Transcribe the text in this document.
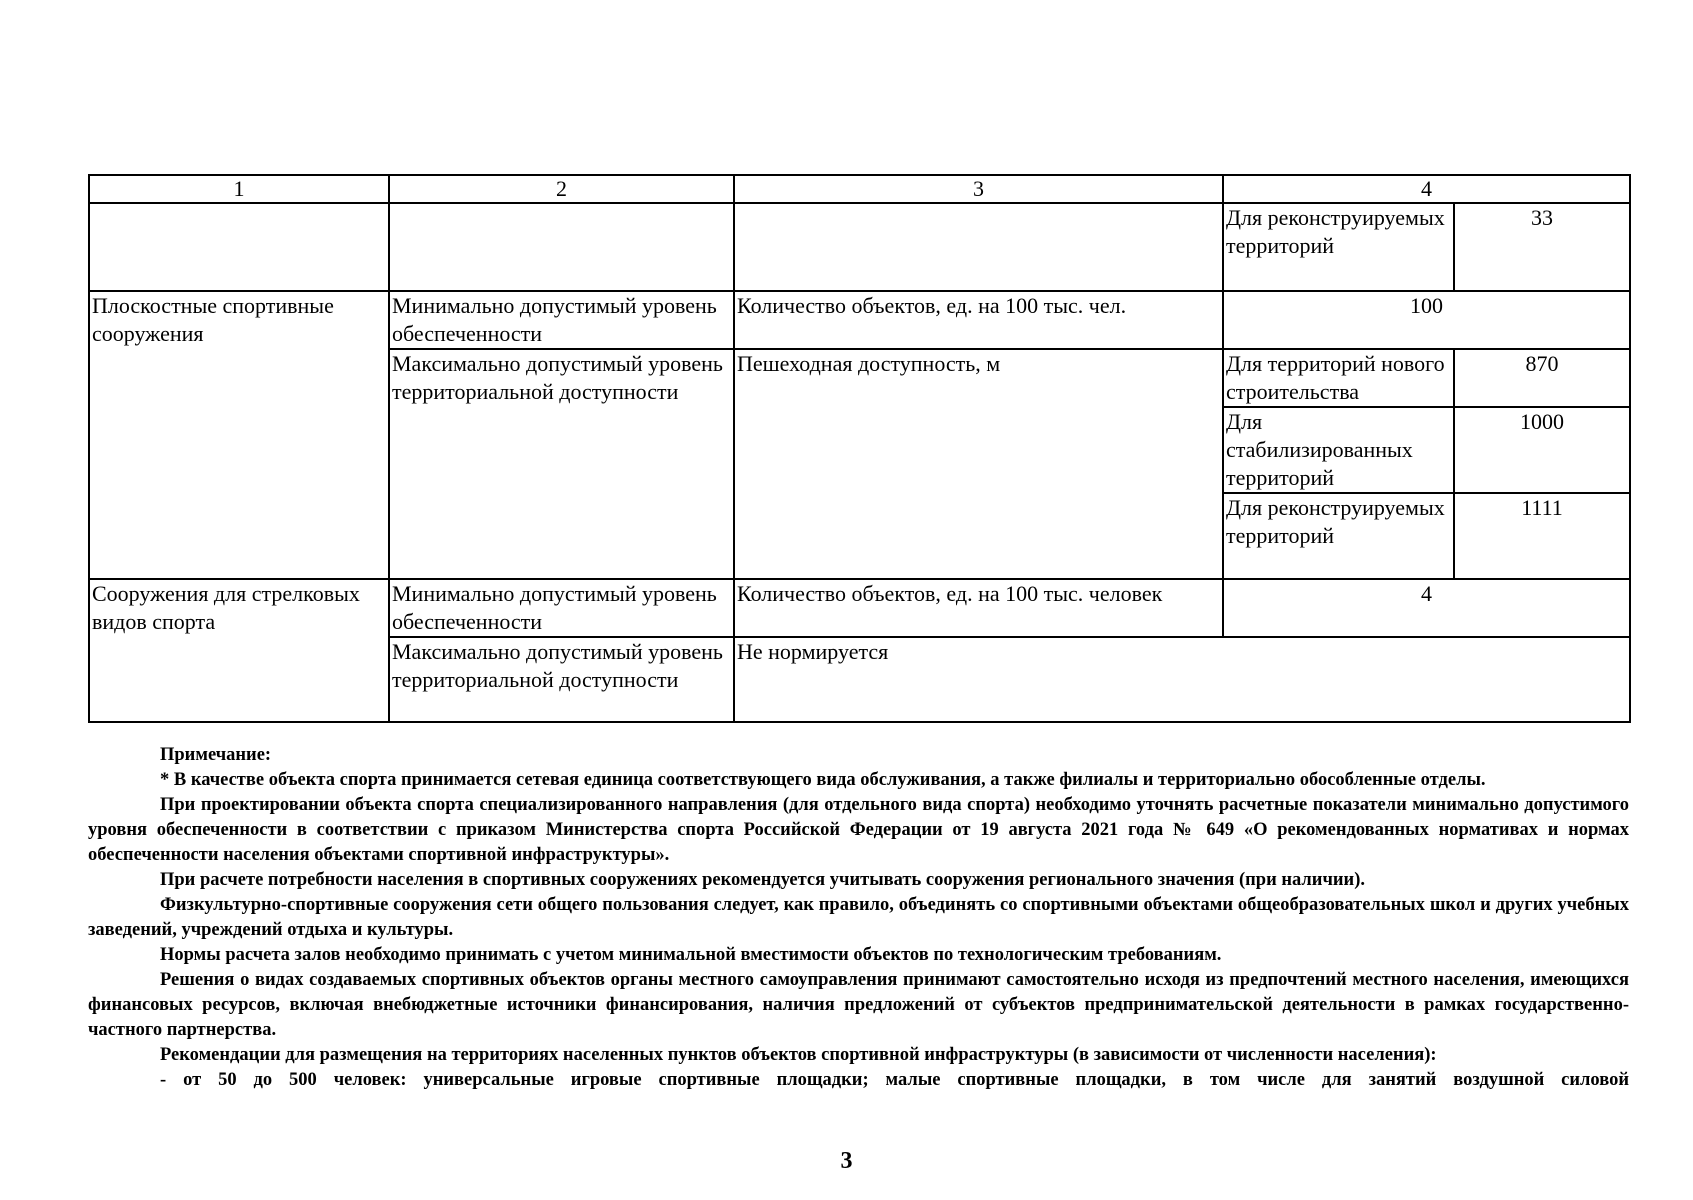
1	2	3	4	
			Для реконструируемых территорий	33
Плоскостные спортивные сооружения	Минимально допустимый уровень обеспеченности	Количество объектов, ед. на 100 тыс. чел.	100	
	Максимально допустимый уровень территориальной доступности	Пешеходная доступность, м	Для территорий нового строительства	870
			Для стабилизированных территорий	1000
			Для реконструируемых территорий	1111
Сооружения для стрелковых видов спорта	Минимально допустимый уровень обеспеченности	Количество объектов, ед. на 100 тыс. человек	4	
	Максимально допустимый уровень территориальной доступности	Не нормируется		

Примечание:

* В качестве объекта спорта принимается сетевая единица соответствующего вида обслуживания, а также филиалы и территориально обособленные отделы.

При проектировании объекта спорта специализированного направления (для отдельного вида спорта) необходимо уточнять расчетные показатели минимально допустимого уровня обеспеченности в соответствии с приказом Министерства спорта Российской Федерации от 19 августа 2021 года № 649 «О рекомендованных нормативах и нормах обеспеченности населения объектами спортивной инфраструктуры».

При расчете потребности населения в спортивных сооружениях рекомендуется учитывать сооружения регионального значения (при наличии).

Физкультурно-спортивные сооружения сети общего пользования следует, как правило, объединять со спортивными объектами общеобразовательных школ и других учебных заведений, учреждений отдыха и культуры.

Нормы расчета залов необходимо принимать с учетом минимальной вместимости объектов по технологическим требованиям.

Решения о видах создаваемых спортивных объектов органы местного самоуправления принимают самостоятельно исходя из предпочтений местного населения, имеющихся финансовых ресурсов, включая внебюджетные источники финансирования, наличия предложений от субъектов предпринимательской деятельности в рамках государственно-частного партнерства.

Рекомендации для размещения на территориях населенных пунктов объектов спортивной инфраструктуры (в зависимости от численности населения):

- от 50 до 500 человек: универсальные игровые спортивные площадки; малые спортивные площадки, в том числе для занятий воздушной силовой

3
